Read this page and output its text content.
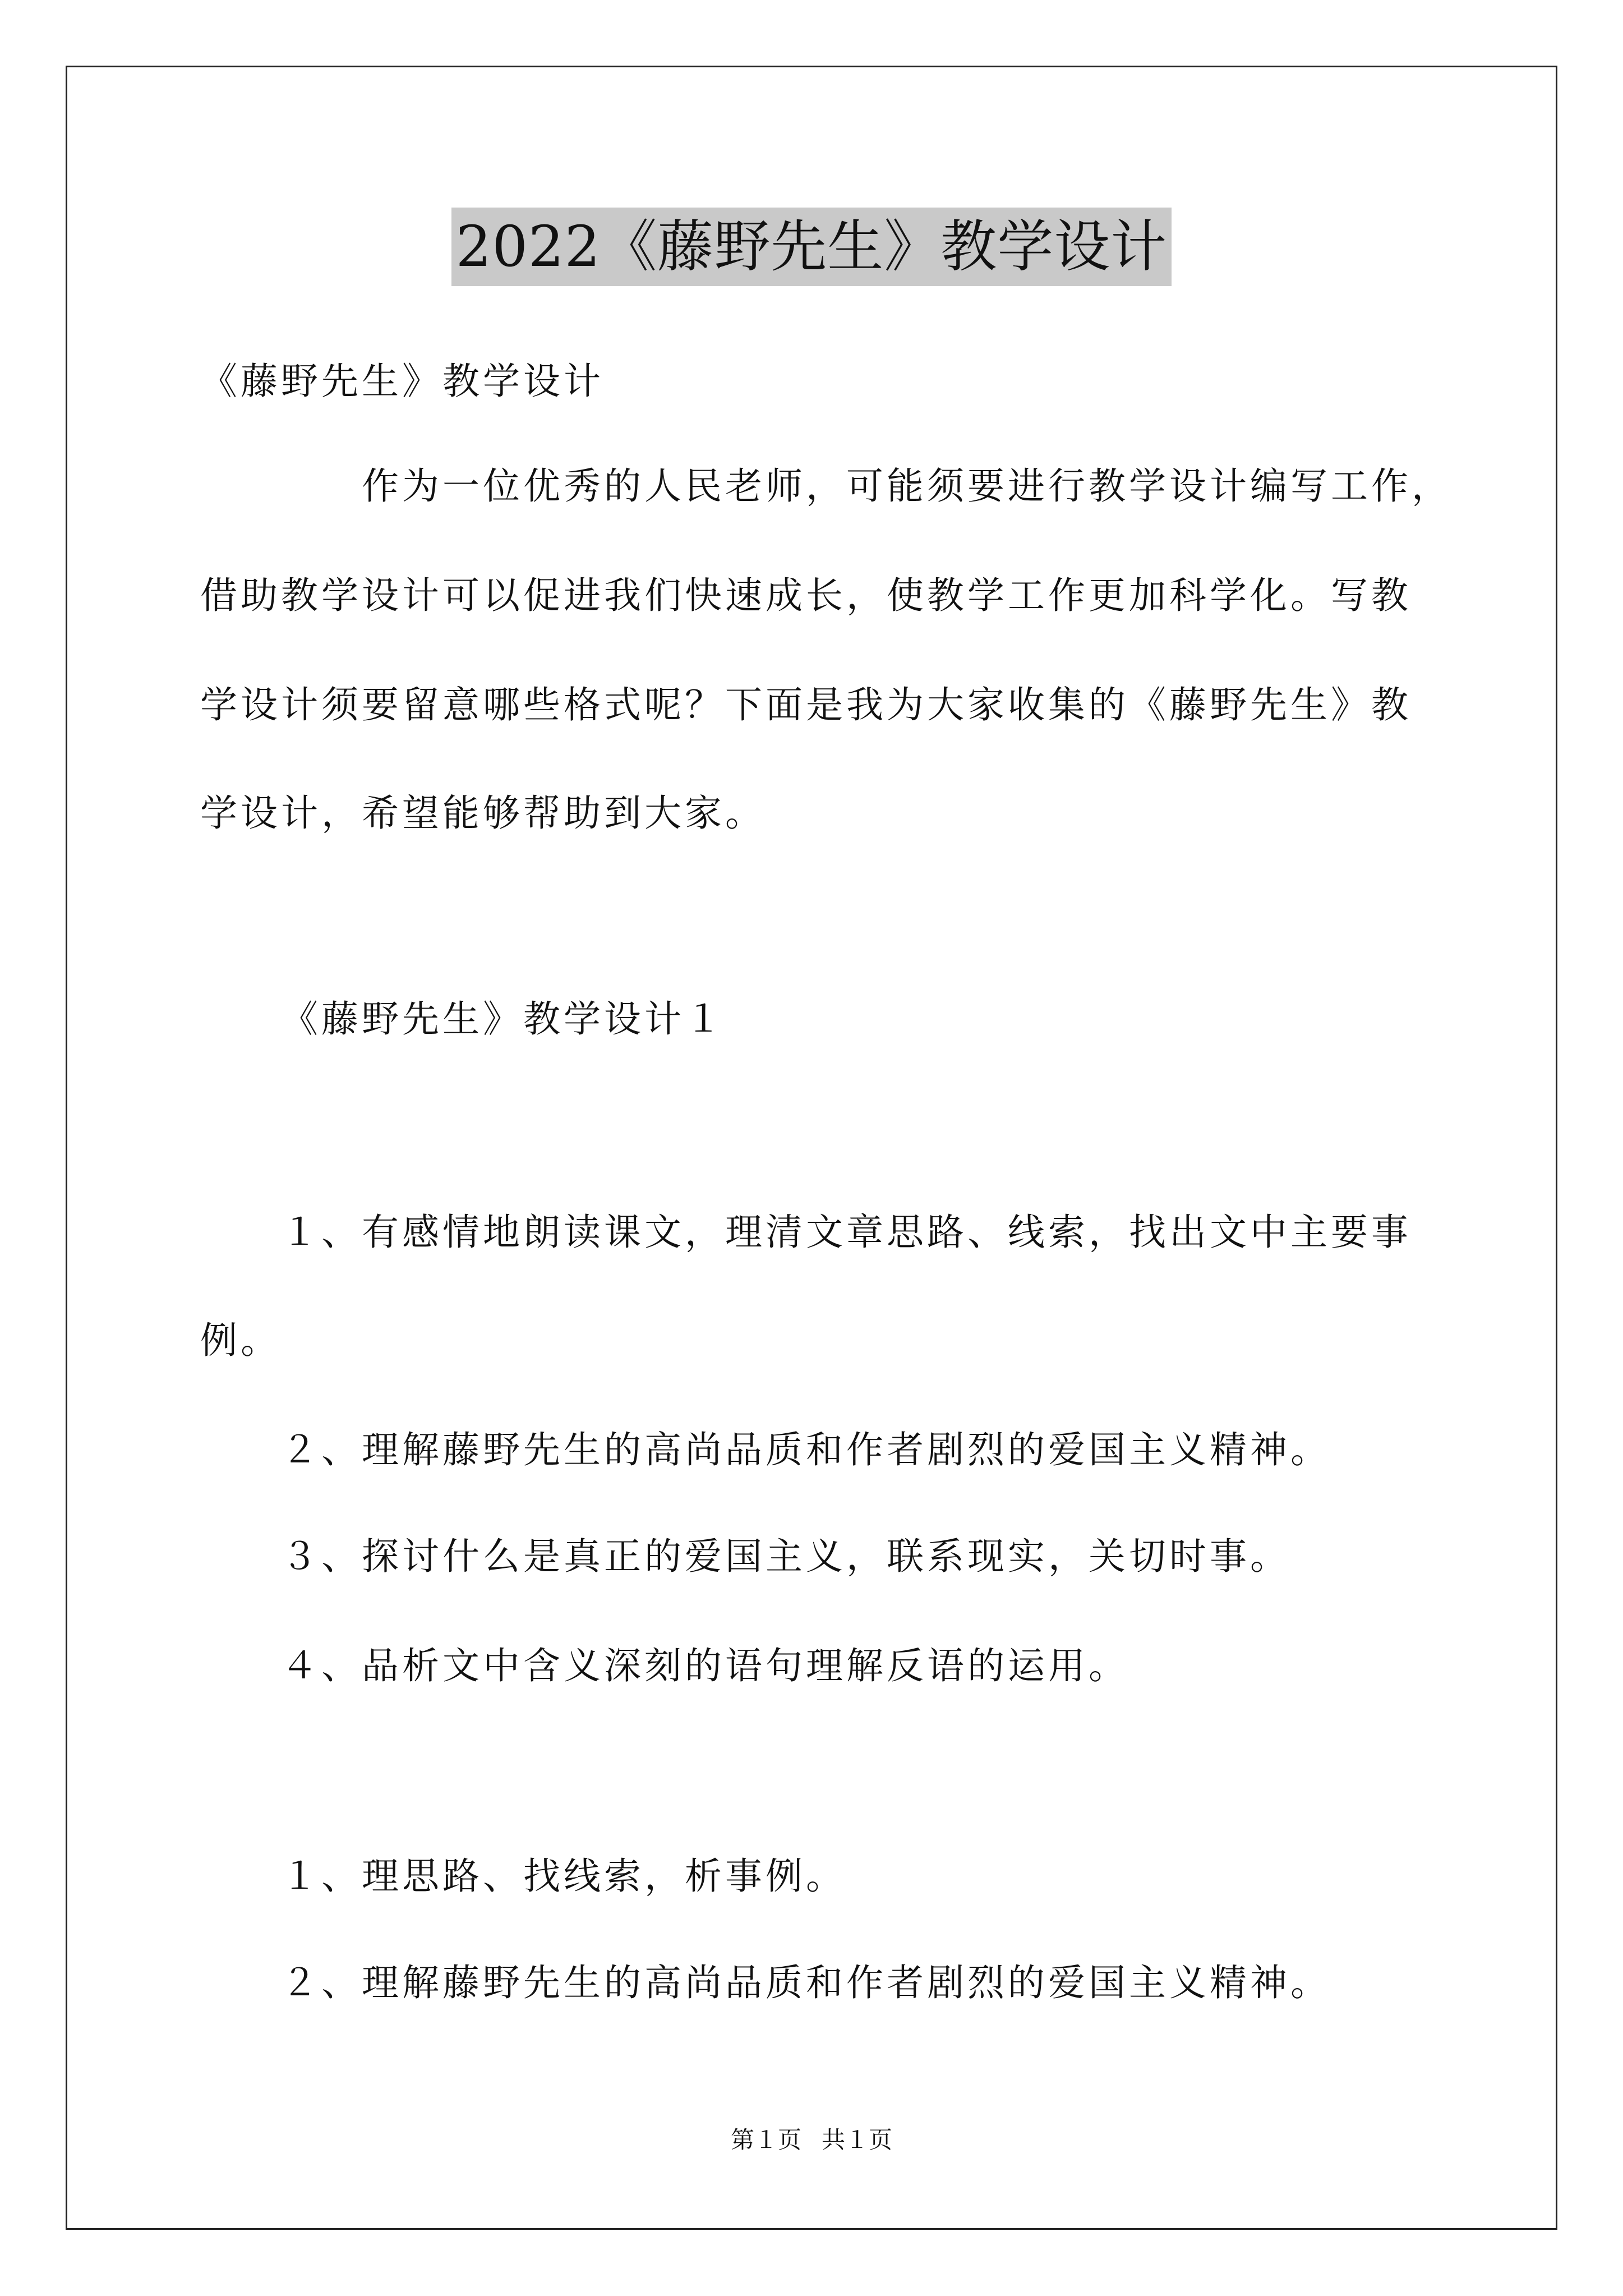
2022《藤野先生》教学设计
《藤野先生》教学设计
作为一位优秀的人民老师，可能须要进行教学设计编写工作，
借助教学设计可以促进我们快速成长，使教学工作更加科学化。写教
学设计须要留意哪些格式呢？下面是我为大家收集的《藤野先生》教
学设计，希望能够帮助到大家。
《藤野先生》教学设计１
１、有感情地朗读课文，理清文章思路、线索，找出文中主要事
例。
２、理解藤野先生的高尚品质和作者剧烈的爱国主义精神。
３、探讨什么是真正的爱国主义，联系现实，关切时事。
４、品析文中含义深刻的语句理解反语的运用。
１、理思路、找线索，析事例。
２、理解藤野先生的高尚品质和作者剧烈的爱国主义精神。
第１页 共１页
